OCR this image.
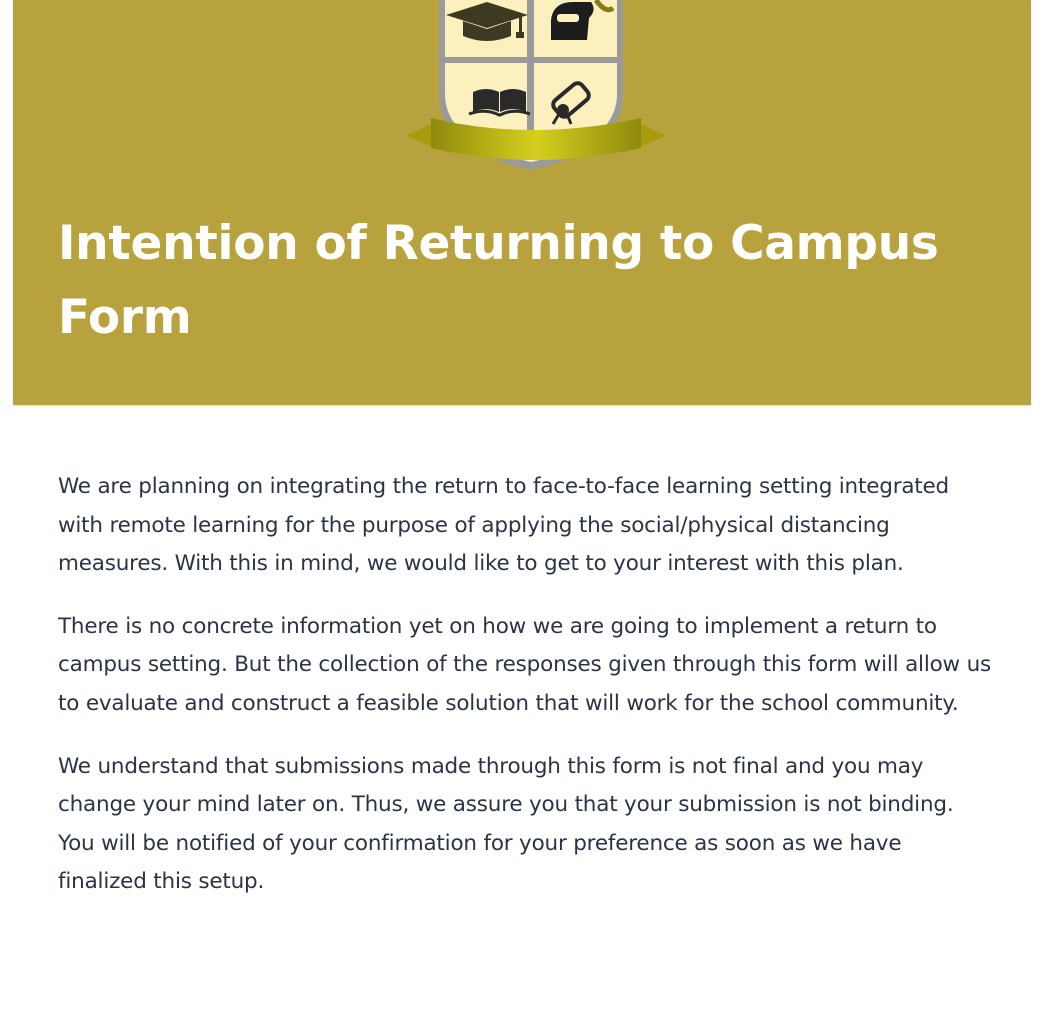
Intention of Returning to Campus Form

We are planning on integrating the return to face-to-face learning setting integrated with remote learning for the purpose of applying the social/physical distancing measures. With this in mind, we would like to get to your interest with this plan.

There is no concrete information yet on how we are going to implement a return to campus setting. But the collection of the responses given through this form will allow us to evaluate and construct a feasible solution that will work for the school community.

We understand that submissions made through this form is not final and you may change your mind later on. Thus, we assure you that your submission is not binding. You will be notified of your confirmation for your preference as soon as we have finalized this setup.
